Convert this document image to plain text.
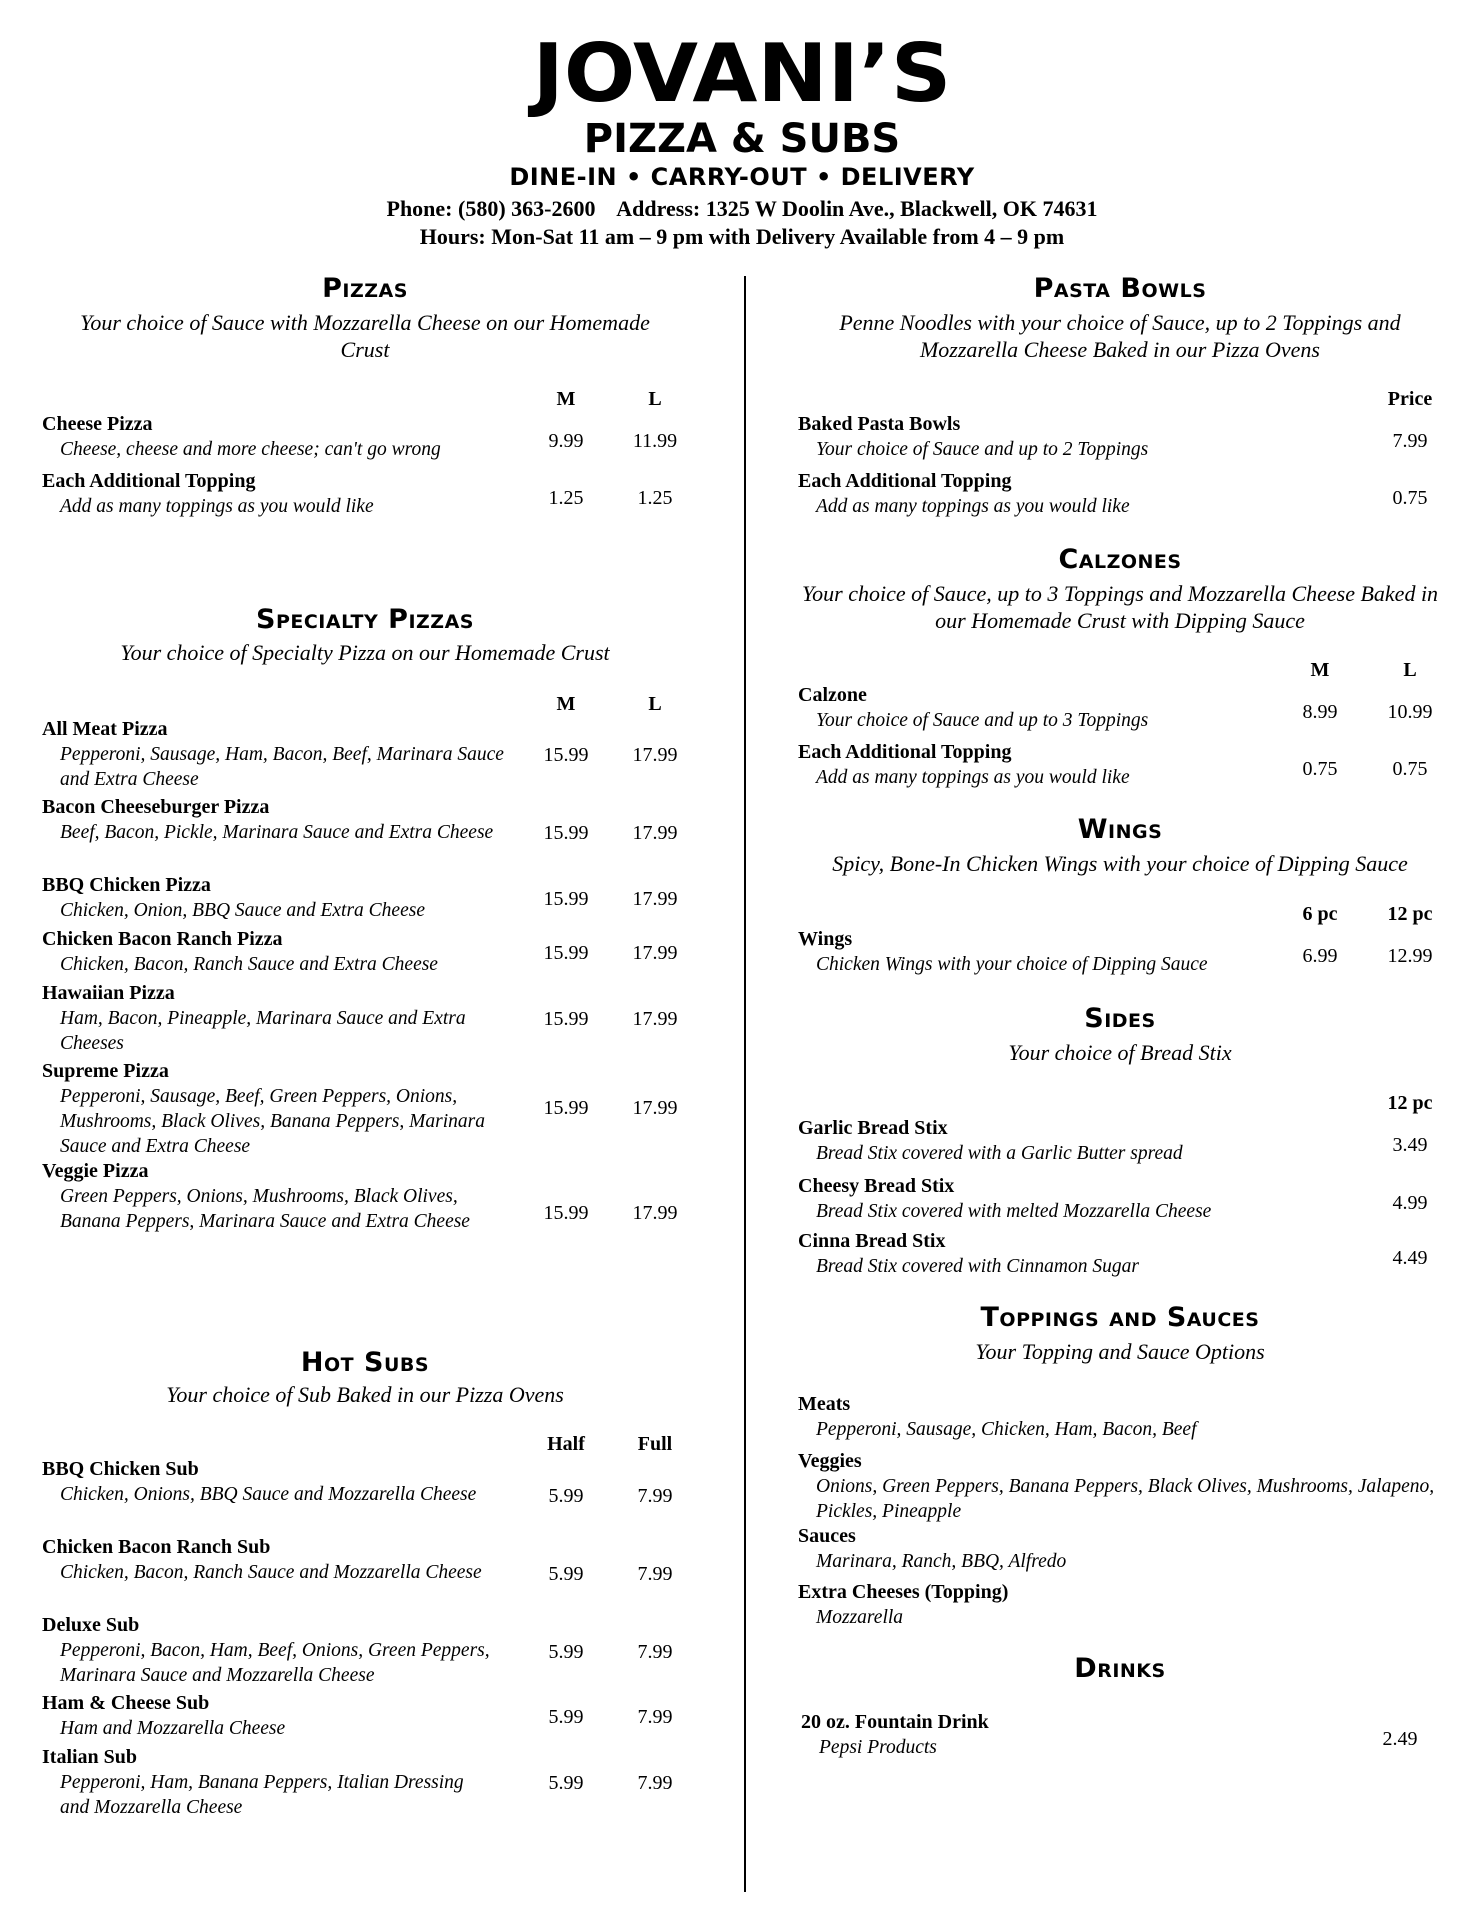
JOVANI’S
PIZZA & SUBS
DINE-IN • CARRY-OUT • DELIVERY
Phone: (580) 363-2600 Address: 1325 W Doolin Ave., Blackwell, OK 74631
Hours: Mon-Sat 11 am – 9 pm with Delivery Available from 4 – 9 pm
Pizzas
Your choice of Sauce with Mozzarella Cheese on our Homemade Crust
M	L
Cheese Pizza
Cheese, cheese and more cheese; can't go wrong	9.99	11.99
Each Additional Topping
Add as many toppings as you would like	1.25	1.25
Specialty Pizzas
Your choice of Specialty Pizza on our Homemade Crust
M	L
All Meat Pizza
Pepperoni, Sausage, Ham, Bacon, Beef, Marinara Sauce and Extra Cheese
15.99	17.99
Bacon Cheeseburger Pizza
Beef, Bacon, Pickle, Marinara Sauce and Extra Cheese	15.99	17.99
BBQ Chicken Pizza
Chicken, Onion, BBQ Sauce and Extra Cheese
15.99	17.99
Chicken Bacon Ranch Pizza
Chicken, Bacon, Ranch Sauce and Extra Cheese
15.99	17.99
Hawaiian Pizza
Ham, Bacon, Pineapple, Marinara Sauce and Extra Cheeses
15.99	17.99
Supreme Pizza
Pepperoni, Sausage, Beef, Green Peppers, Onions, Mushrooms, Black Olives, Banana Peppers, Marinara Sauce and Extra Cheese
15.99	17.99
Veggie Pizza
Green Peppers, Onions, Mushrooms, Black Olives, Banana Peppers, Marinara Sauce and Extra Cheese	15.99	17.99
Hot Subs
Your choice of Sub Baked in our Pizza Ovens
Half	Full
BBQ Chicken Sub
Chicken, Onions, BBQ Sauce and Mozzarella Cheese	5.99	7.99
Chicken Bacon Ranch Sub
Chicken, Bacon, Ranch Sauce and Mozzarella Cheese	5.99	7.99
Deluxe Sub
Pepperoni, Bacon, Ham, Beef, Onions, Green Peppers, Marinara Sauce and Mozzarella Cheese
5.99	7.99
Ham & Cheese Sub
Ham and Mozzarella Cheese
5.99	7.99
Italian Sub
Pepperoni, Ham, Banana Peppers, Italian Dressing and Mozzarella Cheese
5.99	7.99
Pasta Bowls
Penne Noodles with your choice of Sauce, up to 2 Toppings and Mozzarella Cheese Baked in our Pizza Ovens
Price
Baked Pasta Bowls
Your choice of Sauce and up to 2 Toppings	7.99
Each Additional Topping
Add as many toppings as you would like	0.75
Calzones
Your choice of Sauce, up to 3 Toppings and Mozzarella Cheese Baked in our Homemade Crust with Dipping Sauce
M	L
Calzone
Your choice of Sauce and up to 3 Toppings	8.99	10.99
Each Additional Topping
Add as many toppings as you would like	0.75	0.75
Wings
Spicy, Bone-In Chicken Wings with your choice of Dipping Sauce
6 pc	12 pc
Wings
Chicken Wings with your choice of Dipping Sauce	6.99	12.99
Sides
Your choice of Bread Stix
12 pc
Garlic Bread Stix
Bread Stix covered with a Garlic Butter spread	3.49
Cheesy Bread Stix
Bread Stix covered with melted Mozzarella Cheese	4.99
Cinna Bread Stix
Bread Stix covered with Cinnamon Sugar	4.49
Toppings and Sauces
Your Topping and Sauce Options
Meats
Pepperoni, Sausage, Chicken, Ham, Bacon, Beef
Veggies
Onions, Green Peppers, Banana Peppers, Black Olives, Mushrooms, Jalapeno, Pickles, Pineapple
Sauces
Marinara, Ranch, BBQ, Alfredo
Extra Cheeses (Topping)
Mozzarella
Drinks
20 oz. Fountain Drink
Pepsi Products	2.49
